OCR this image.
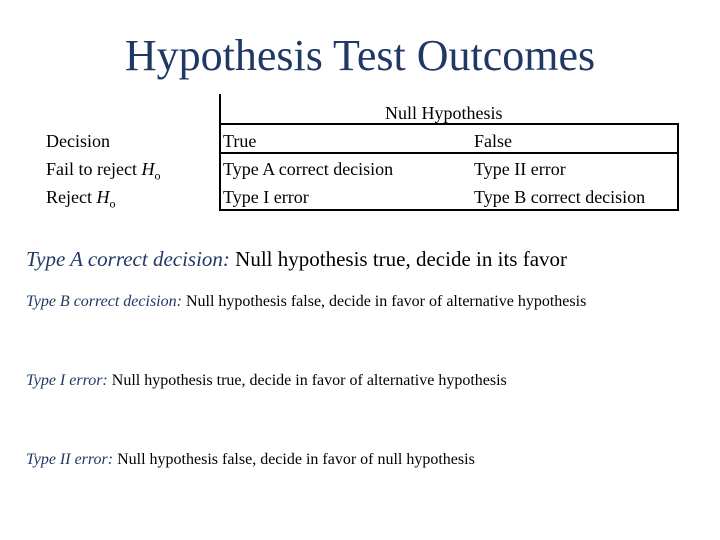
Hypothesis Test Outcomes
Null Hypothesis
Decision	True	False
Fail to reject $H_o$	Type A correct decision	Type II error
Reject $H_o$	Type I error	Type B correct decision
Type A correct decision: Null hypothesis true, decide in its favor
Type B correct decision: Null hypothesis false, decide in favor of alternative hypothesis
Type I error: Null hypothesis true, decide in favor of alternative hypothesis
Type II error: Null hypothesis false, decide in favor of null hypothesis
